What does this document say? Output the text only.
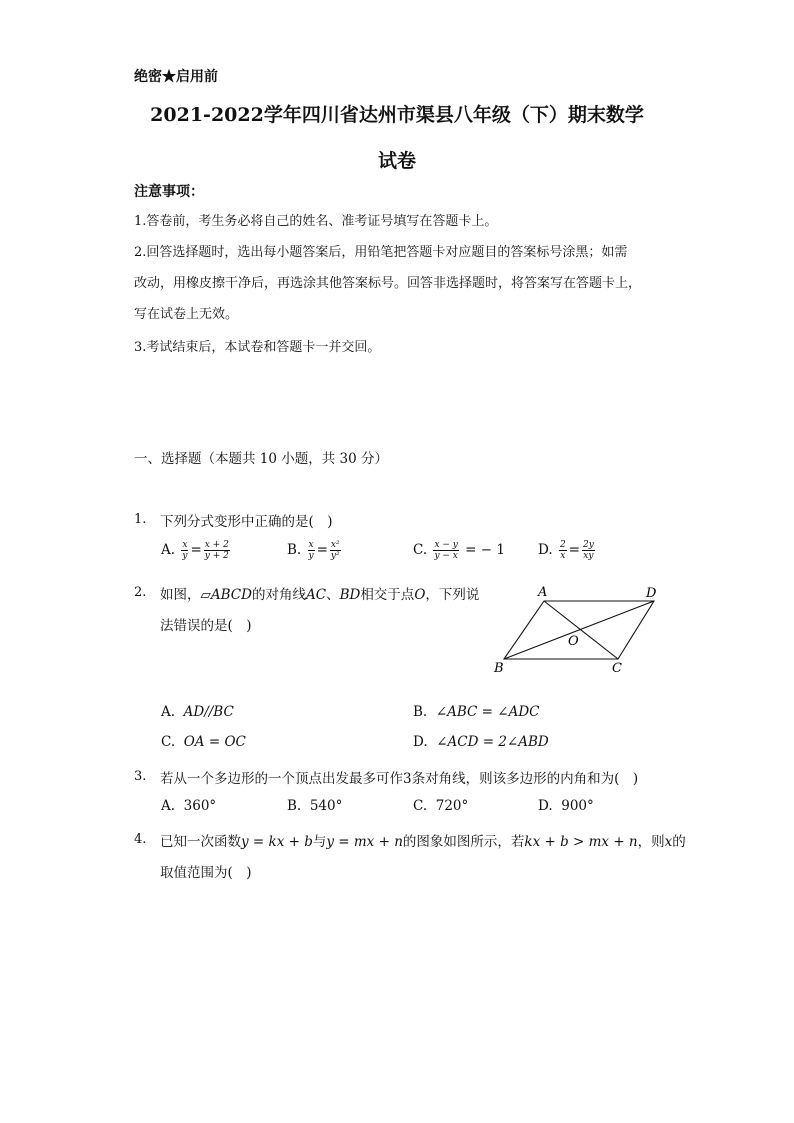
绝密★启用前
2021-2022学年四川省达州市渠县八年级（下）期末数学
试卷
注意事项：
1.答卷前，考生务必将自己的姓名、准考证号填写在答题卡上。
2.回答选择题时，选出每小题答案后，用铅笔把答题卡对应题目的答案标号涂黑；如需
改动，用橡皮擦干净后，再选涂其他答案标号。回答非选择题时，将答案写在答题卡上，
写在试卷上无效。
3.考试结束后，本试卷和答题卡一并交回。
一、选择题（本题共 10 小题，共 30 分）
1. 下列分式变形中正确的是(　)
A. $\frac{x}{y} = \frac{x + 2}{y + 2}$	B. $\frac{x}{y} = \frac{\text{x²}}{\text{y²}}$	C. $\frac{x - y}{y - x}$ = − 1 D. $\frac{2}{x} = \frac{2y}{xy}$
2. 如图，▱ABCD的对角线AC、BD相交于点O，下列说
法错误的是(　)
A	D
O
B	C
A. AD//BC	B. ∠ABC = ∠ADC
C. OA = OC	D. ∠ACD = 2∠ABD
3. 若从一个多边形的一个顶点出发最多可作3条对角线，则该多边形的内角和为(　)
A. 360°	B. 540°	C. 720°	D. 900°
4. 已知一次函数y = kx + b与y = mx + n的图象如图所示，若kx + b > mx + n，则x的
取值范围为(　)
